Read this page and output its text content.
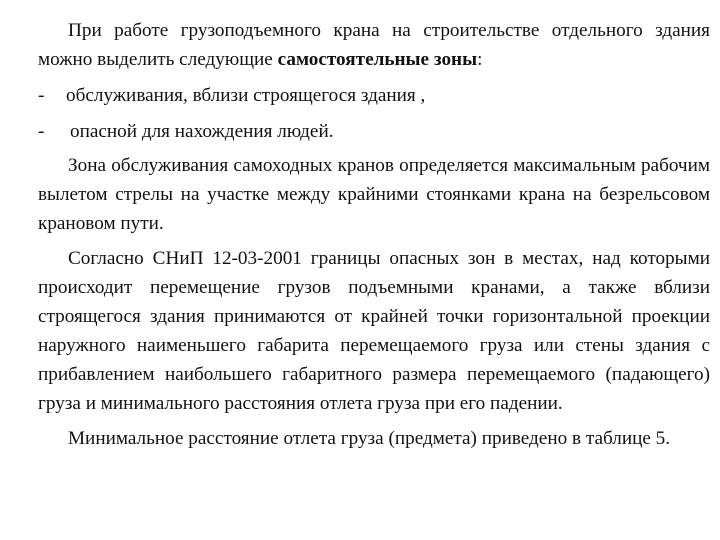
При работе грузоподъемного крана на строительстве отдельного здания можно выделить следующие самостоятельные зоны:

-	обслуживания, вблизи строящегося здания ,
-	опасной для нахождения людей.

Зона обслуживания самоходных кранов определяется максимальным рабочим вылетом стрелы на участке между крайними стоянками крана на безрельсовом крановом пути.

Согласно СНиП 12-03-2001 границы опасных зон в местах, над которыми происходит перемещение грузов подъемными кранами, а также вблизи строящегося здания принимаются от крайней точки горизонтальной проекции наружного наименьшего габарита перемещаемого груза или стены здания с прибавлением наибольшего габаритного размера перемещаемого (падающего) груза и минимального расстояния отлета груза при его падении.

Минимальное расстояние отлета груза (предмета) приведено в таблице 5.
